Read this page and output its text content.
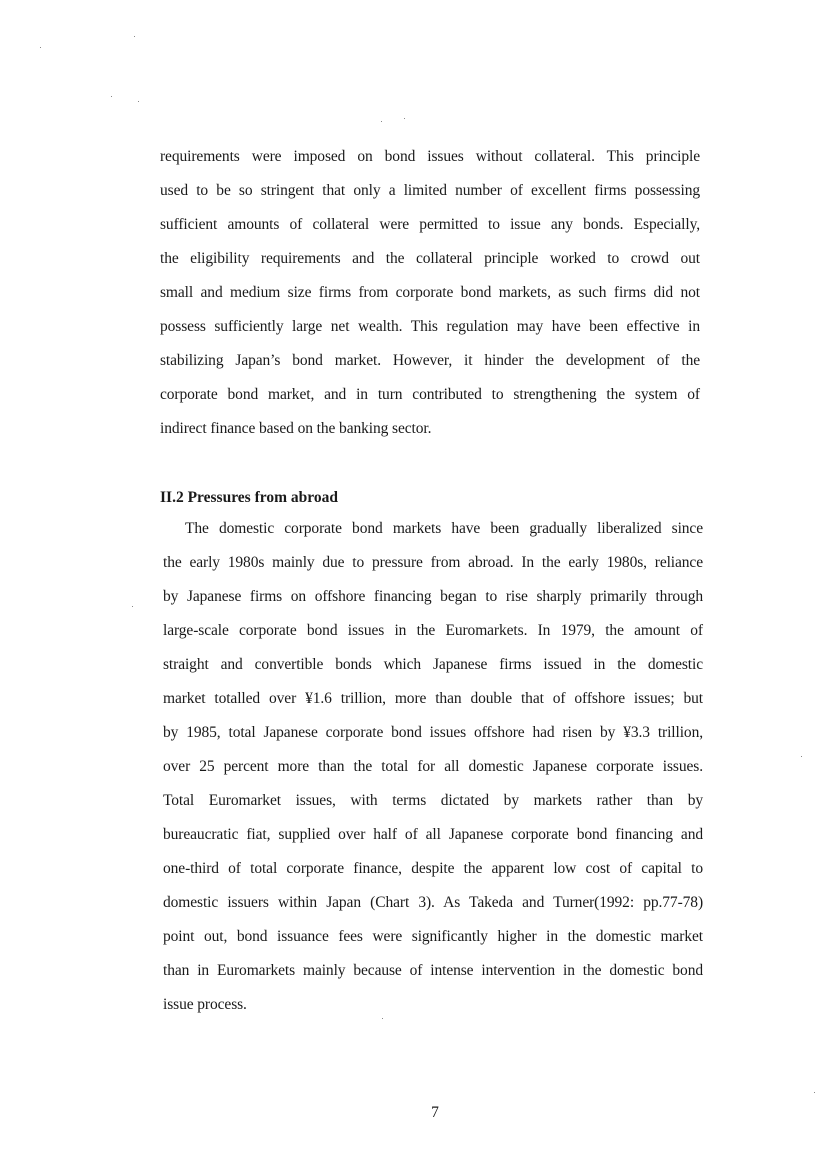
requirements were imposed on bond issues without collateral. This principle
used to be so stringent that only a limited number of excellent firms possessing
sufficient amounts of collateral were permitted to issue any bonds. Especially,
the eligibility requirements and the collateral principle worked to crowd out
small and medium size firms from corporate bond markets, as such firms did not
possess sufficiently large net wealth. This regulation may have been effective in
stabilizing Japan’s bond market. However, it hinder the development of the
corporate bond market, and in turn contributed to strengthening the system of
indirect finance based on the banking sector.
II.2 Pressures from abroad
The domestic corporate bond markets have been gradually liberalized since
the early 1980s mainly due to pressure from abroad. In the early 1980s, reliance
by Japanese firms on offshore financing began to rise sharply primarily through
large-scale corporate bond issues in the Euromarkets. In 1979, the amount of
straight and convertible bonds which Japanese firms issued in the domestic
market totalled over ¥1.6 trillion, more than double that of offshore issues; but
by 1985, total Japanese corporate bond issues offshore had risen by ¥3.3 trillion,
over 25 percent more than the total for all domestic Japanese corporate issues.
Total Euromarket issues, with terms dictated by markets rather than by
bureaucratic fiat, supplied over half of all Japanese corporate bond financing and
one-third of total corporate finance, despite the apparent low cost of capital to
domestic issuers within Japan (Chart 3). As Takeda and Turner(1992: pp.77-78)
point out, bond issuance fees were significantly higher in the domestic market
than in Euromarkets mainly because of intense intervention in the domestic bond
issue process.
7
